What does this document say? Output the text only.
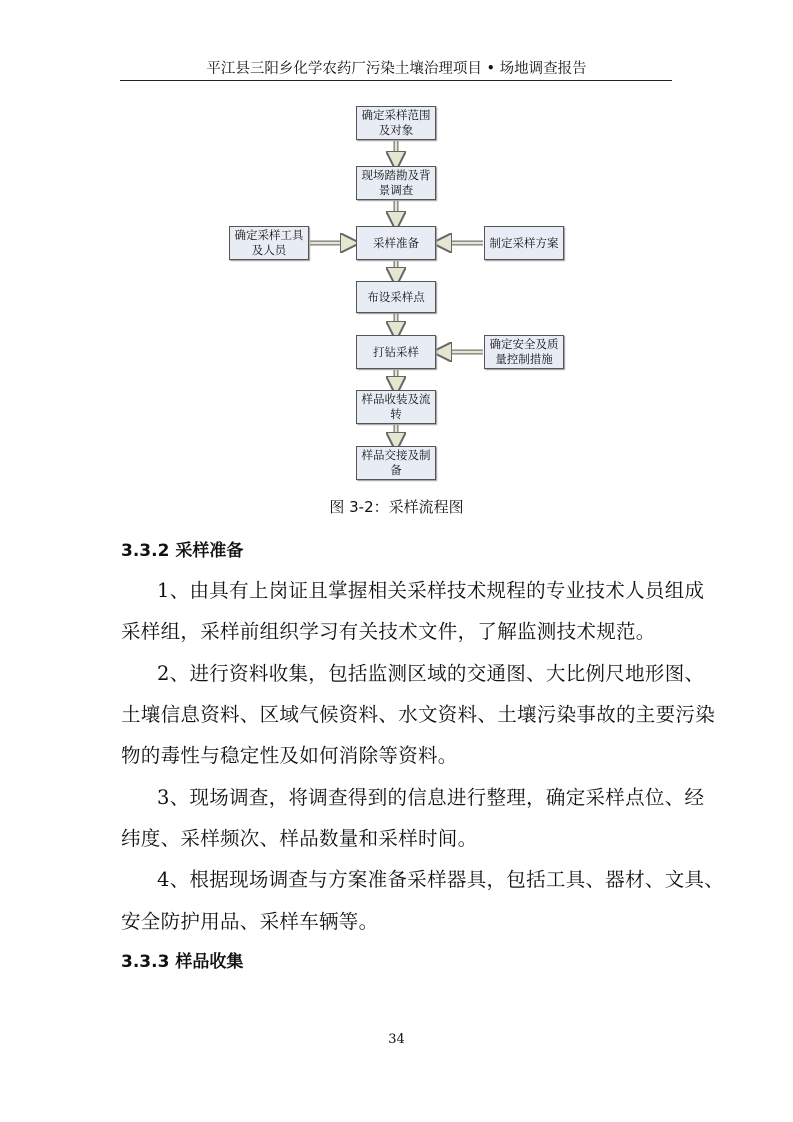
平江县三阳乡化学农药厂污染土壤治理项目 • 场地调查报告
确定采样范围及对象
现场踏勘及背景调查
采样准备
布设采样点
打钻采样
样品收装及流转
样品交接及制备
确定采样工具及人员
制定采样方案
确定安全及质量控制措施
图 3-2：采样流程图
3.3.2 采样准备
1、由具有上岗证且掌握相关采样技术规程的专业技术人员组成
采样组，采样前组织学习有关技术文件，了解监测技术规范。
2、进行资料收集，包括监测区域的交通图、大比例尺地形图、
土壤信息资料、区域气候资料、水文资料、土壤污染事故的主要污染
物的毒性与稳定性及如何消除等资料。
3、现场调查，将调查得到的信息进行整理，确定采样点位、经
纬度、采样频次、样品数量和采样时间。
4、根据现场调查与方案准备采样器具，包括工具、器材、文具、
安全防护用品、采样车辆等。
3.3.3 样品收集
34
